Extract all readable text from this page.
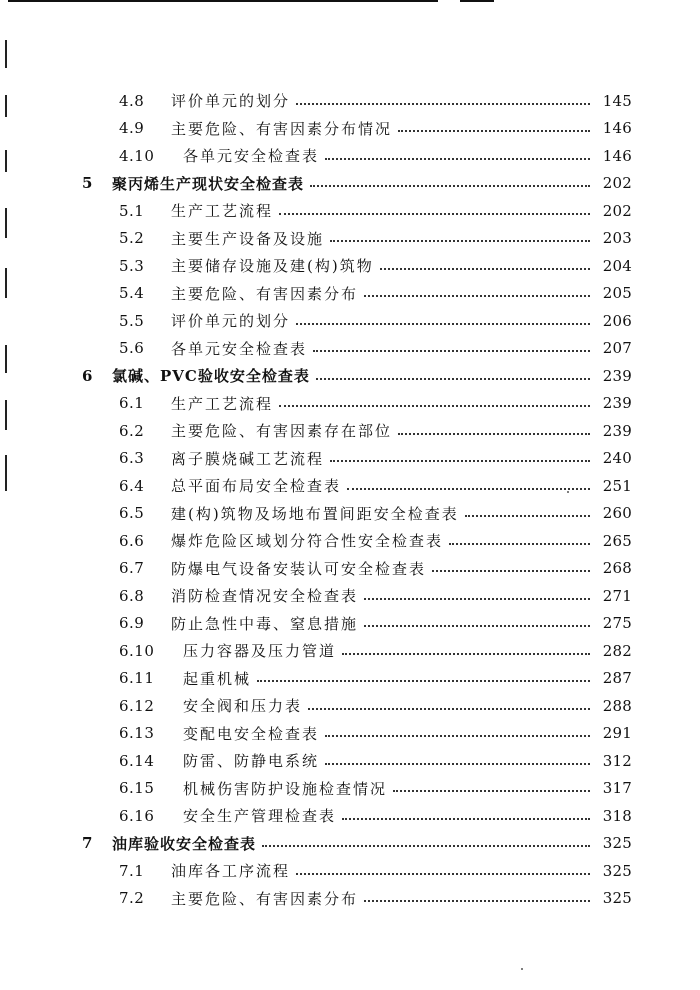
4.8	评价单元的划分	145
4.9	主要危险、有害因素分布情况	146
4.10	各单元安全检查表	146
5	聚丙烯生产现状安全检查表	202
5.1	生产工艺流程	202
5.2	主要生产设备及设施	203
5.3	主要储存设施及建(构)筑物	204
5.4	主要危险、有害因素分布	205
5.5	评价单元的划分	206
5.6	各单元安全检查表	207
6	氯碱、PVC验收安全检查表	239
6.1	生产工艺流程	239
6.2	主要危险、有害因素存在部位	239
6.3	离子膜烧碱工艺流程	240
6.4	总平面布局安全检查表	251
6.5	建(构)筑物及场地布置间距安全检查表	260
6.6	爆炸危险区域划分符合性安全检查表	265
6.7	防爆电气设备安装认可安全检查表	268
6.8	消防检查情况安全检查表	271
6.9	防止急性中毒、窒息措施	275
6.10	压力容器及压力管道	282
6.11	起重机械	287
6.12	安全阀和压力表	288
6.13	变配电安全检查表	291
6.14	防雷、防静电系统	312
6.15	机械伤害防护设施检查情况	317
6.16	安全生产管理检查表	318
7	油库验收安全检查表	325
7.1	油库各工序流程	325
7.2	主要危险、有害因素分布	325
